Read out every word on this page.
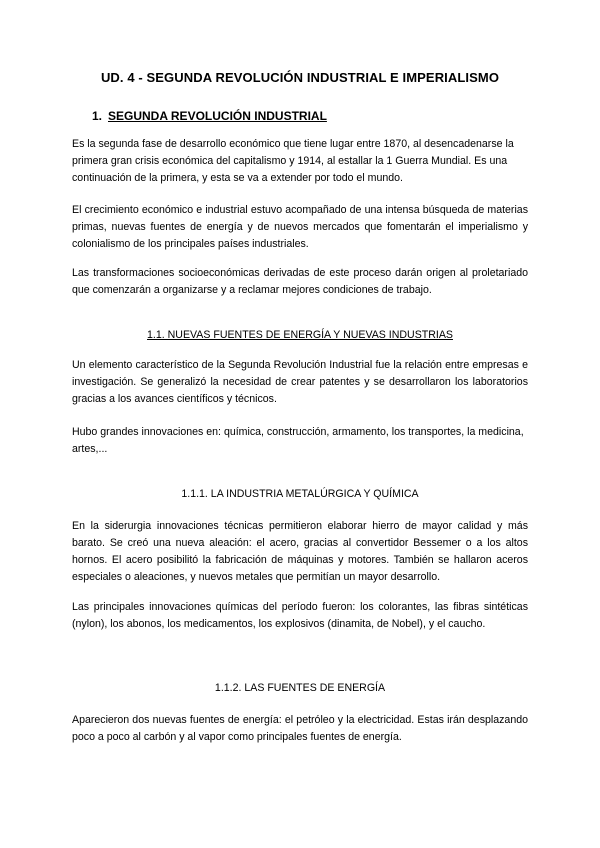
UD. 4 - SEGUNDA REVOLUCIÓN INDUSTRIAL E IMPERIALISMO
1. SEGUNDA REVOLUCIÓN INDUSTRIAL

Es la segunda fase de desarrollo económico que tiene lugar entre 1870, al desencadenarse la primera gran crisis económica del capitalismo y 1914, al estallar la 1 Guerra Mundial. Es una continuación de la primera, y esta se va a extender por todo el mundo.

El crecimiento económico e industrial estuvo acompañado de una intensa búsqueda de materias primas, nuevas fuentes de energía y de nuevos mercados que fomentarán el imperialismo y colonialismo de los principales países industriales.

Las transformaciones socioeconómicas derivadas de este proceso darán origen al proletariado que comenzarán a organizarse y a reclamar mejores condiciones de trabajo.

1.1. NUEVAS FUENTES DE ENERGÍA Y NUEVAS INDUSTRIAS

Un elemento característico de la Segunda Revolución Industrial fue la relación entre empresas e investigación. Se generalizó la necesidad de crear patentes y se desarrollaron los laboratorios gracias a los avances científicos y técnicos.

Hubo grandes innovaciones en: química, construcción, armamento, los transportes, la medicina, artes,...

1.1.1. LA INDUSTRIA METALÚRGICA Y QUÍMICA

En la siderurgia innovaciones técnicas permitieron elaborar hierro de mayor calidad y más barato. Se creó una nueva aleación: el acero, gracias al convertidor Bessemer o a los altos hornos. El acero posibilitó la fabricación de máquinas y motores. También se hallaron aceros especiales o aleaciones, y nuevos metales que permitían un mayor desarrollo.

Las principales innovaciones químicas del período fueron: los colorantes, las fibras sintéticas (nylon), los abonos, los medicamentos, los explosivos (dinamita, de Nobel), y el caucho.

1.1.2. LAS FUENTES DE ENERGÍA

Aparecieron dos nuevas fuentes de energía: el petróleo y la electricidad. Estas irán desplazando poco a poco al carbón y al vapor como principales fuentes de energía.
